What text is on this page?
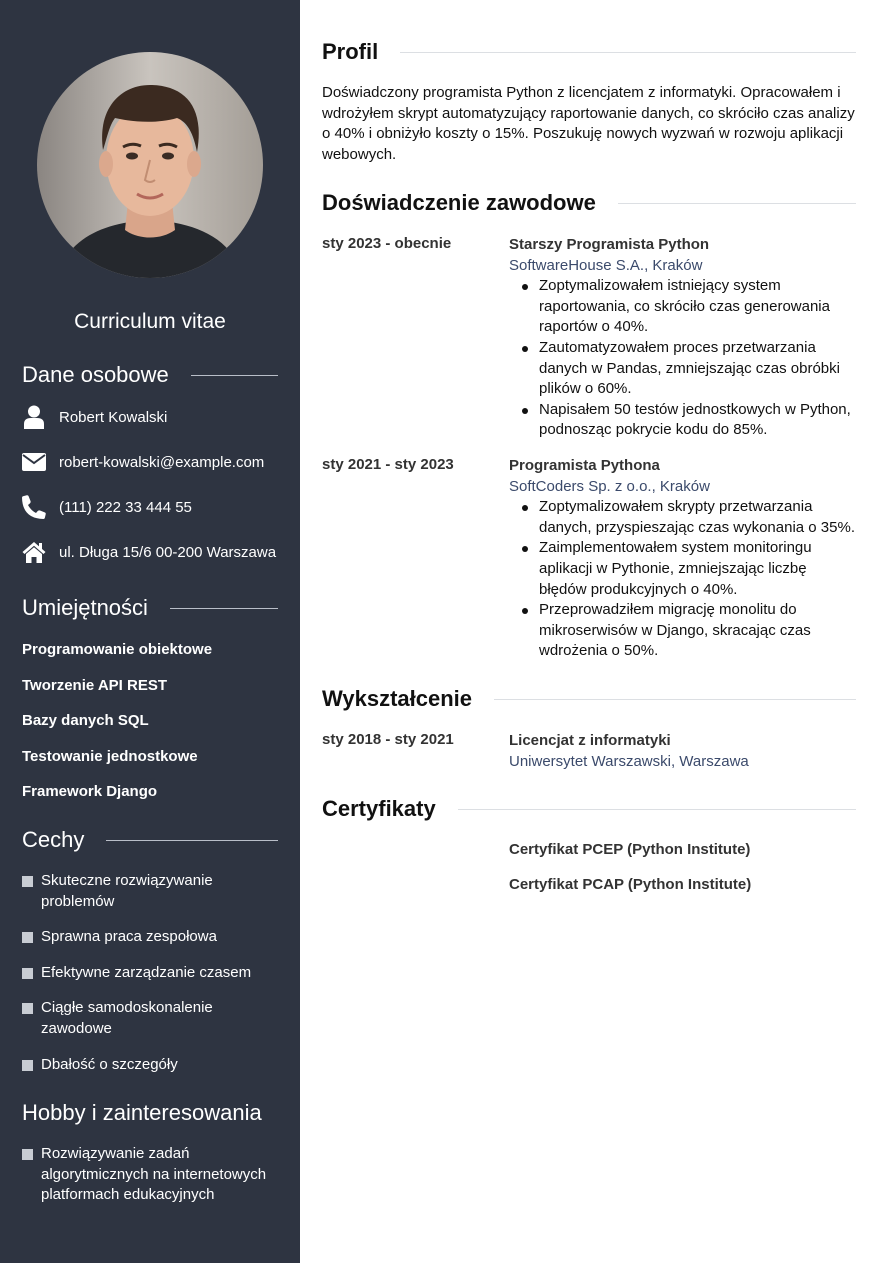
Curriculum vitae
Dane osobowe
Robert Kowalski
robert-kowalski@example.com
(111) 222 33 444 55
ul. Długa 15/6 00-200 Warszawa
Umiejętności
Programowanie obiektowe
Tworzenie API REST
Bazy danych SQL
Testowanie jednostkowe
Framework Django
Cechy
Skuteczne rozwiązywanie problemów
Sprawna praca zespołowa
Efektywne zarządzanie czasem
Ciągłe samodoskonalenie zawodowe
Dbałość o szczegóły
Hobby i zainteresowania
Rozwiązywanie zadań algorytmicznych na internetowych platformach edukacyjnych
Profil
Doświadczony programista Python z licencjatem z informatyki. Opracowałem i wdrożyłem skrypt automatyzujący raportowanie danych, co skróciło czas analizy o 40% i obniżyło koszty o 15%. Poszukuję nowych wyzwań w rozwoju aplikacji webowych.
Doświadczenie zawodowe
sty 2023 - obecnie	Starszy Programista Python
SoftwareHouse S.A., Kraków
Zoptymalizowałem istniejący system raportowania, co skróciło czas generowania raportów o 40%.
Zautomatyzowałem proces przetwarzania danych w Pandas, zmniejszając czas obróbki plików o 60%.
Napisałem 50 testów jednostkowych w Python, podnosząc pokrycie kodu do 85%.
sty 2021 - sty 2023	Programista Pythona
SoftCoders Sp. z o.o., Kraków
Zoptymalizowałem skrypty przetwarzania danych, przyspieszając czas wykonania o 35%.
Zaimplementowałem system monitoringu aplikacji w Pythonie, zmniejszając liczbę błędów produkcyjnych o 40%.
Przeprowadziłem migrację monolitu do mikroserwisów w Django, skracając czas wdrożenia o 50%.
Wykształcenie
sty 2018 - sty 2021	Licencjat z informatyki
Uniwersytet Warszawski, Warszawa
Certyfikaty
Certyfikat PCEP (Python Institute)
Certyfikat PCAP (Python Institute)
